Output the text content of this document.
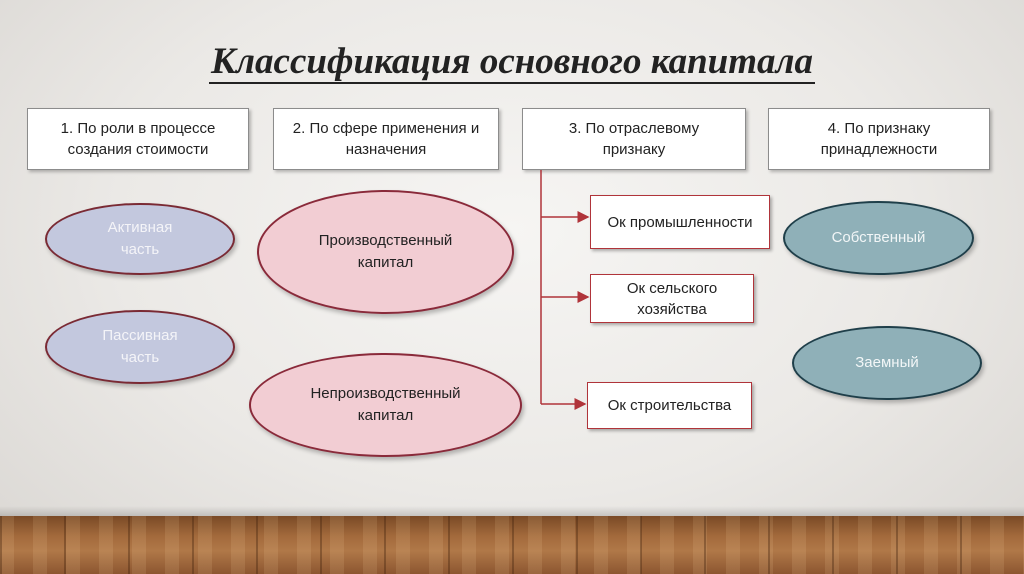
Классификация основного капитала
1. По роли в процессе создания стоимости
2. По сфере применения и назначения
3. По отраслевому признаку
4. По признаку принадлежности
Активная часть
Пассивная часть
Производственный капитал
Непроизводственный капитал
Ок промышленности
Ок сельского хозяйства
Ок строительства
Собственный
Заемный
